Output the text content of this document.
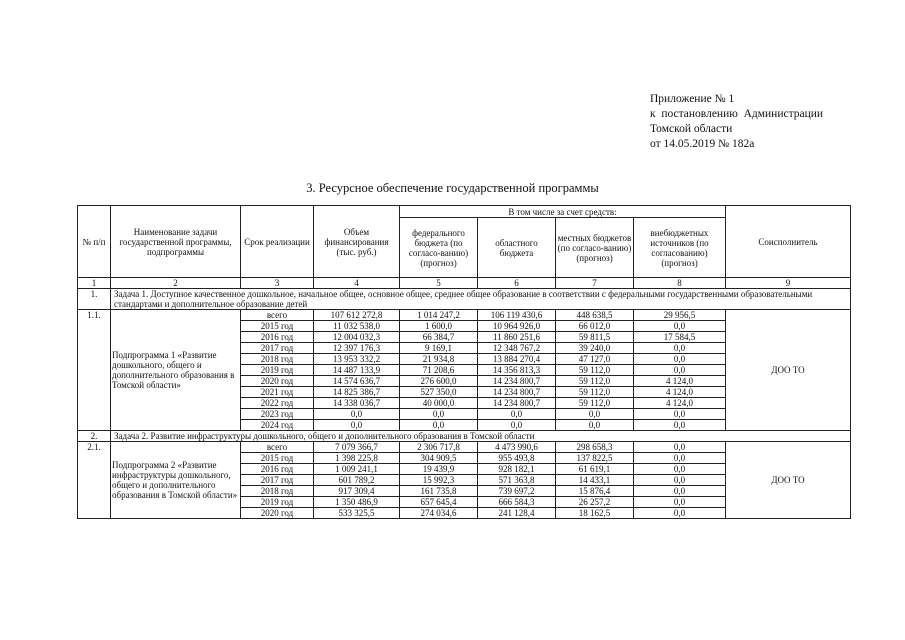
Приложение № 1
к  постановлению  Администрации
Томской области
от 14.05.2019 № 182а
3. Ресурсное обеспечение государственной программы
№ п/п	Наименование задачи государственной программы, подпрограммы	Срок реализации	Объем финансирования (тыс. руб.)	В том числе за счет средств:				Соисполнитель
				федерального бюджета (по согласо-ванию) (прогноз)	областного бюджета	местных бюджетов (по согласо-ванию) (прогноз)	внебюджетных источников (по согласованию) (прогноз)	
1	2	3	4	5	6	7	8	9
1.	Задача 1. Доступное качественное дошкольное, начальное общее, основное общее, среднее общее образование в соответствии с федеральными государственными образовательными стандартами и дополнительное образование детей							
1.1.	Подпрограмма 1 «Развитие дошкольного, общего и дополнительного образования в Томской области»	всего	107 612 272,8	1 014 247,2	106 119 430,6	448 638,5	29 956,5	ДОО ТО
		2015 год	11 032 538,0	1 600,0	10 964 926,0	66 012,0	0,0	
		2016 год	12 004 032,3	66 384,7	11 860 251,6	59 811,5	17 584,5	
		2017 год	12 397 176,3	9 169,1	12 348 767,2	39 240,0	0,0	
		2018 год	13 953 332,2	21 934,8	13 884 270,4	47 127,0	0,0	
		2019 год	14 487 133,9	71 208,6	14 356 813,3	59 112,0	0,0	
		2020 год	14 574 636,7	276 600,0	14 234 800,7	59 112,0	4 124,0	
		2021 год	14 825 386,7	527 350,0	14 234 800,7	59 112,0	4 124,0	
		2022 год	14 338 036,7	40 000,0	14 234 800,7	59 112,0	4 124,0	
		2023 год	0,0	0,0	0,0	0,0	0,0	
		2024 год	0,0	0,0	0,0	0,0	0,0	
2.	Задача 2. Развитие инфраструктуры дошкольного, общего и дополнительного образования в Томской области							
2.1.	Подпрограмма 2 «Развитие инфраструктуры дошкольного, общего и дополнительного образования в Томской области»	всего	7 079 366,7	2 306 717,8	4 473 990,6	298 658,3	0,0	ДОО ТО
		2015 год	1 398 225,8	304 909,5	955 493,8	137 822,5	0,0	
		2016 год	1 009 241,1	19 439,9	928 182,1	61 619,1	0,0	
		2017 год	601 789,2	15 992,3	571 363,8	14 433,1	0,0	
		2018 год	917 309,4	161 735,8	739 697,2	15 876,4	0,0	
		2019 год	1 350 486,9	657 645,4	666 584,3	26 257,2	0,0	
		2020 год	533 325,5	274 034,6	241 128,4	18 162,5	0,0	
